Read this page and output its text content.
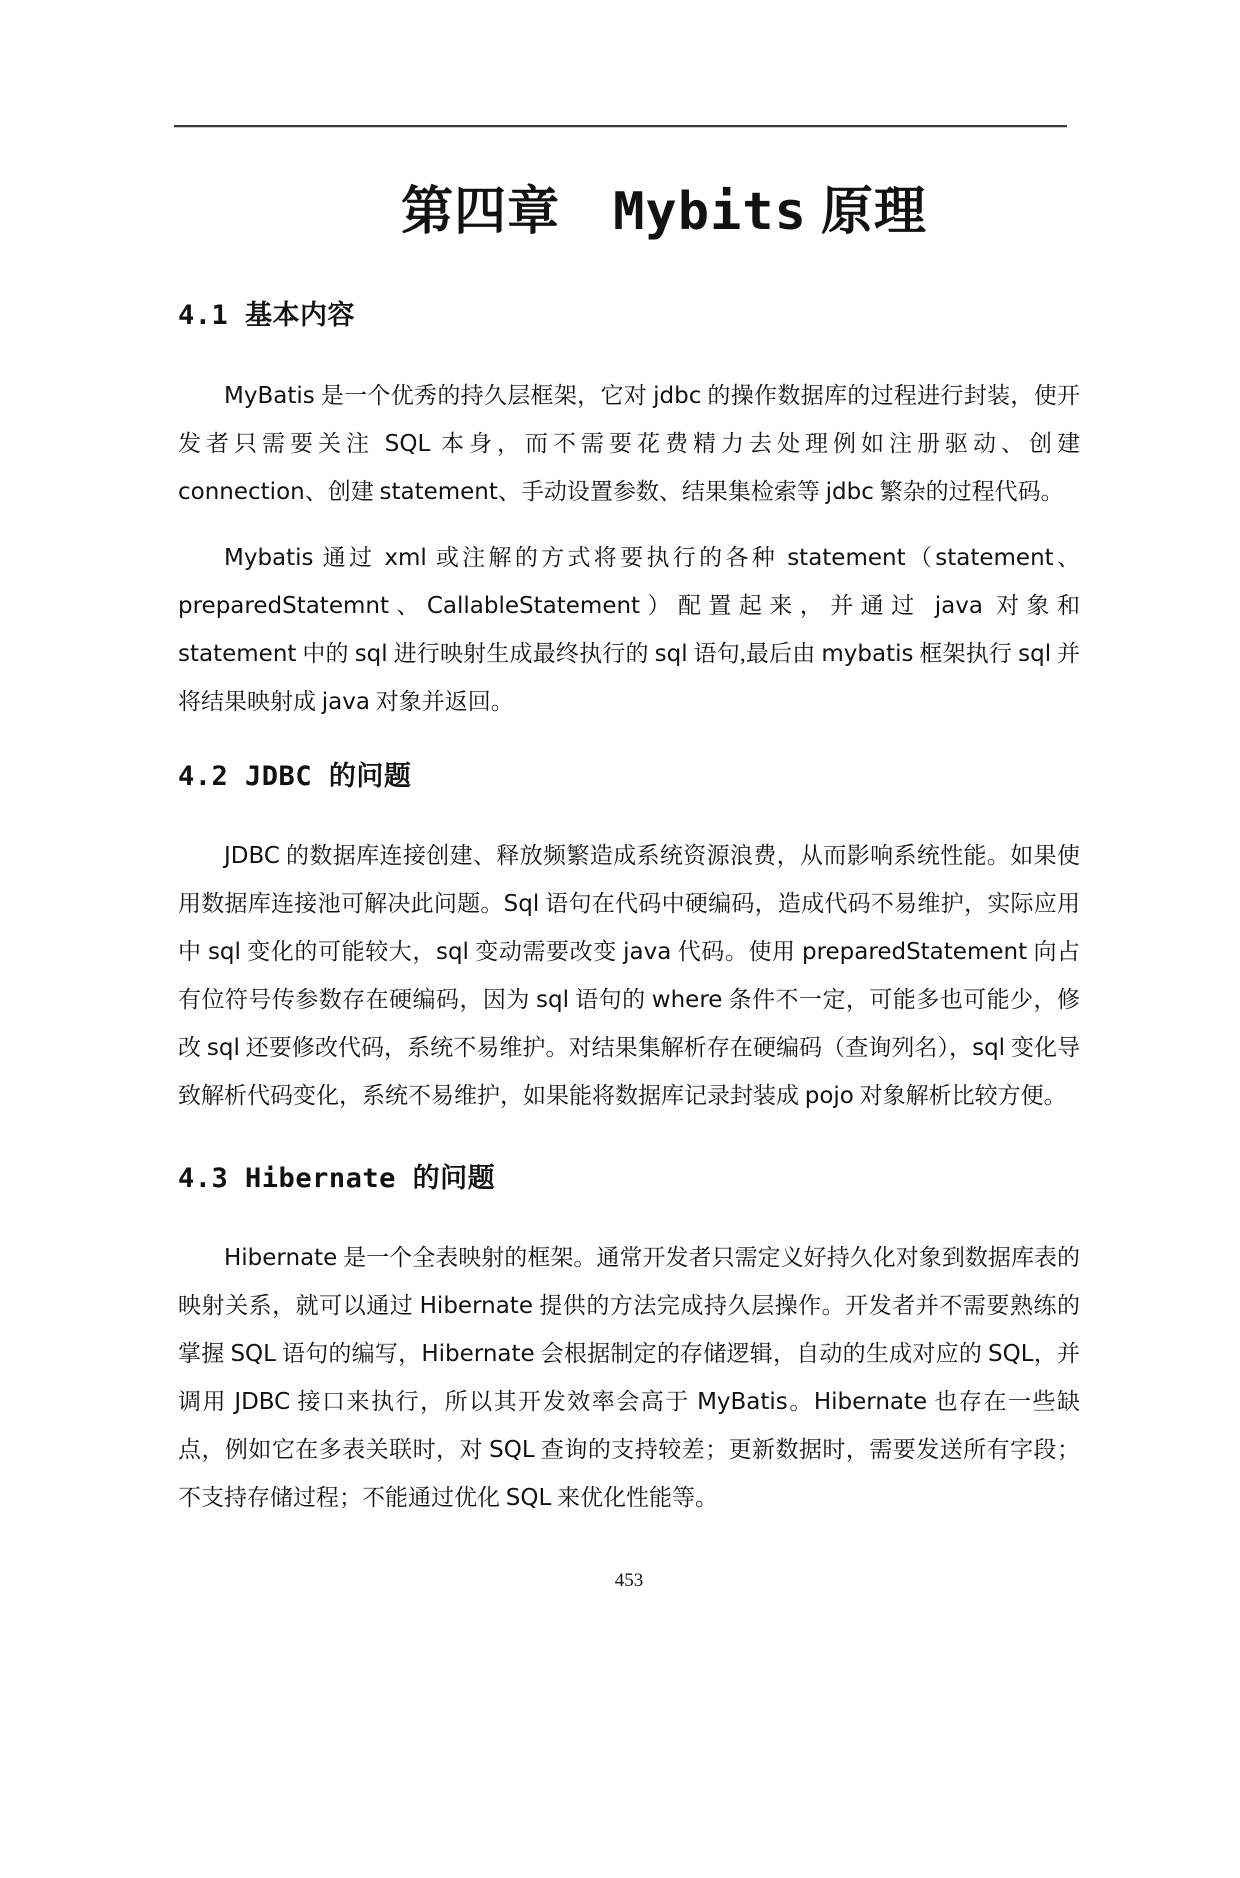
第四章　Mybits 原理
4.1 基本内容

MyBatis 是一个优秀的持久层框架，它对 jdbc 的操作数据库的过程进行封装，使开发者只需要关注 SQL 本身，而不需要花费精力去处理例如注册驱动、创建 connection、创建 statement、手动设置参数、结果集检索等 jdbc 繁杂的过程代码。

Mybatis 通过 xml 或注解的方式将要执行的各种 statement（statement、preparedStatemnt、CallableStatement）配置起来，并通过 java 对象和 statement 中的 sql 进行映射生成最终执行的 sql 语句,最后由 mybatis 框架执行 sql 并将结果映射成 java 对象并返回。

4.2 JDBC 的问题

JDBC 的数据库连接创建、释放频繁造成系统资源浪费，从而影响系统性能。如果使用数据库连接池可解决此问题。Sql 语句在代码中硬编码，造成代码不易维护，实际应用中 sql 变化的可能较大，sql 变动需要改变 java 代码。使用 preparedStatement 向占有位符号传参数存在硬编码，因为 sql 语句的 where 条件不一定，可能多也可能少，修改 sql 还要修改代码，系统不易维护。对结果集解析存在硬编码（查询列名），sql 变化导致解析代码变化，系统不易维护，如果能将数据库记录封装成 pojo 对象解析比较方便。

4.3 Hibernate 的问题

Hibernate 是一个全表映射的框架。通常开发者只需定义好持久化对象到数据库表的映射关系，就可以通过 Hibernate 提供的方法完成持久层操作。开发者并不需要熟练的掌握 SQL 语句的编写，Hibernate 会根据制定的存储逻辑，自动的生成对应的 SQL，并调用 JDBC 接口来执行，所以其开发效率会高于 MyBatis。Hibernate 也存在一些缺点，例如它在多表关联时，对 SQL 查询的支持较差；更新数据时，需要发送所有字段；不支持存储过程；不能通过优化 SQL 来优化性能等。

453
